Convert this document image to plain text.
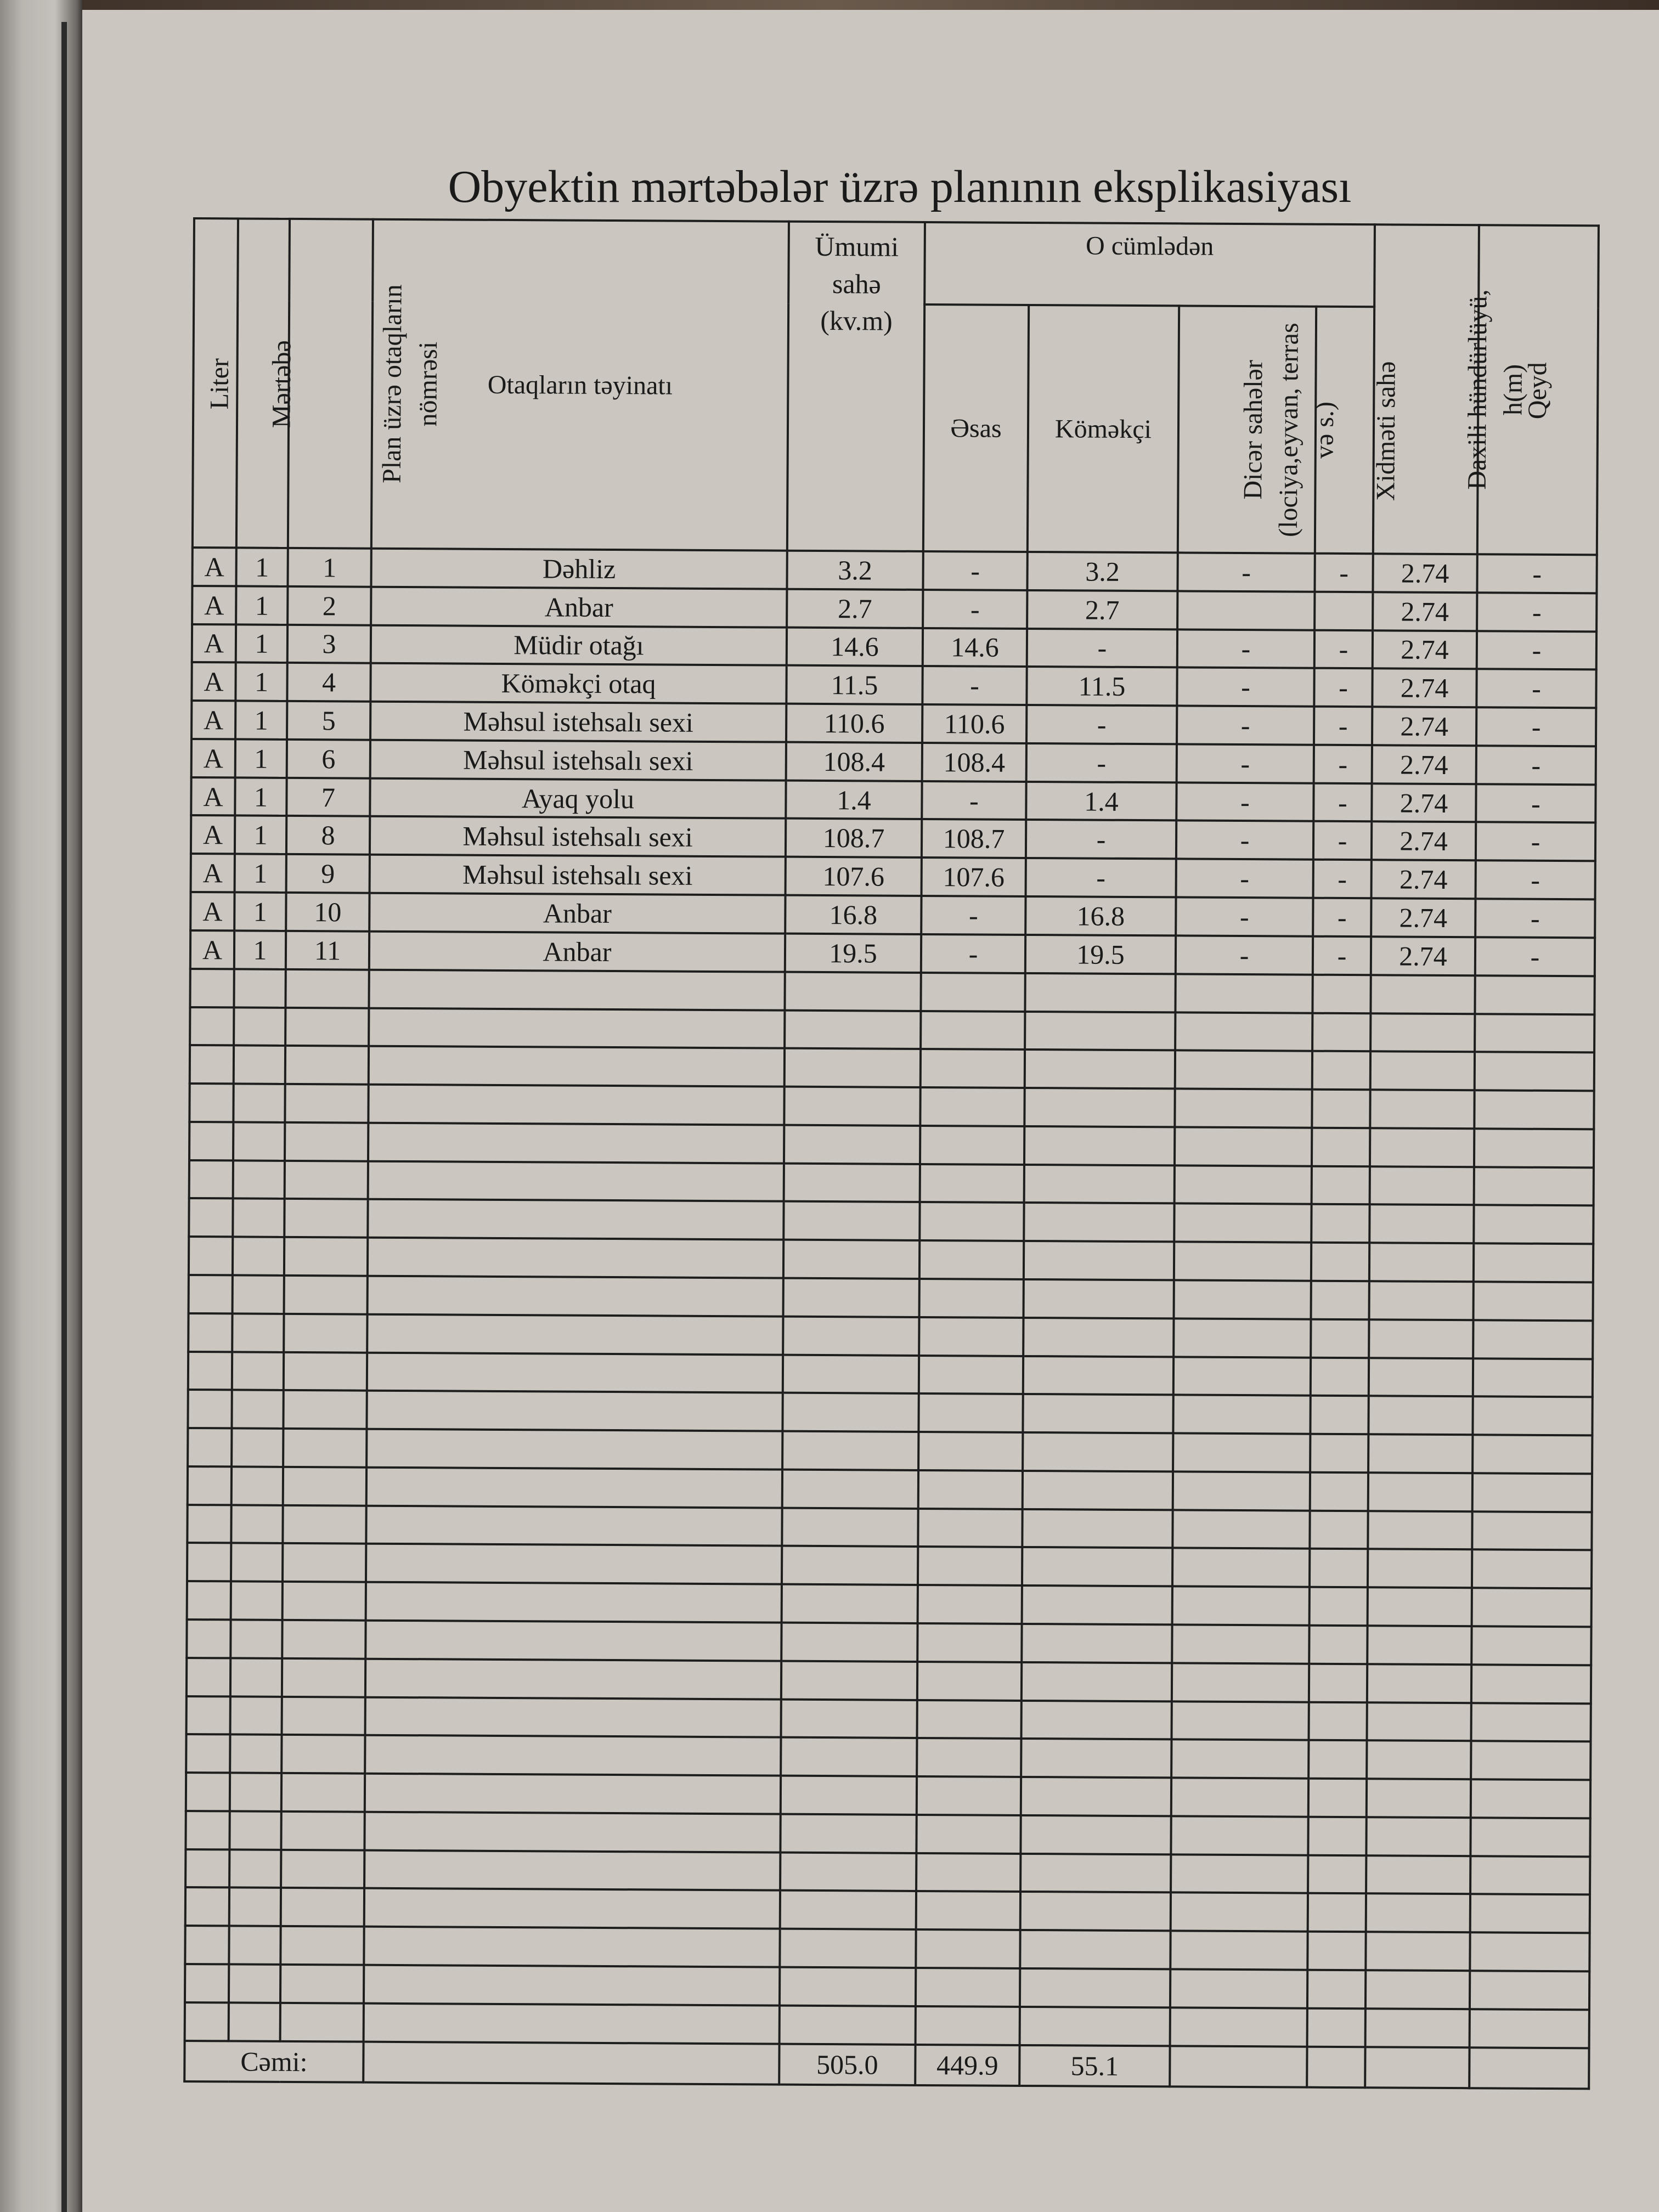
Obyektin mərtəbələr üzrə planının eksplikasiyası
Liter	Mərtəbə	Plan üzrə otaqların nömrəsi	Otaqların təyinatı	Ümumi sahə (kv.m)	O cümlədən				Daxili hündürlüyü, h(m)	Qeyd
					Əsas	Köməkçi	Dicər sahələr (lociya,eyvan, terras və s.)	Xidməti sahə		
A	1	1	Dəhliz	3.2	-	3.2	-	-	2.74	-
A	1	2	Anbar	2.7	-	2.7			2.74	-
A	1	3	Müdir otağı	14.6	14.6	-	-	-	2.74	-
A	1	4	Köməkçi otaq	11.5	-	11.5	-	-	2.74	-
A	1	5	Məhsul istehsalı sexi	110.6	110.6	-	-	-	2.74	-
A	1	6	Məhsul istehsalı sexi	108.4	108.4	-	-	-	2.74	-
A	1	7	Ayaq yolu	1.4	-	1.4	-	-	2.74	-
A	1	8	Məhsul istehsalı sexi	108.7	108.7	-	-	-	2.74	-
A	1	9	Məhsul istehsalı sexi	107.6	107.6	-	-	-	2.74	-
A	1	10	Anbar	16.8	-	16.8	-	-	2.74	-
A	1	11	Anbar	19.5	-	19.5	-	-	2.74	-

Cəmi:				505.0	449.9	55.1				
